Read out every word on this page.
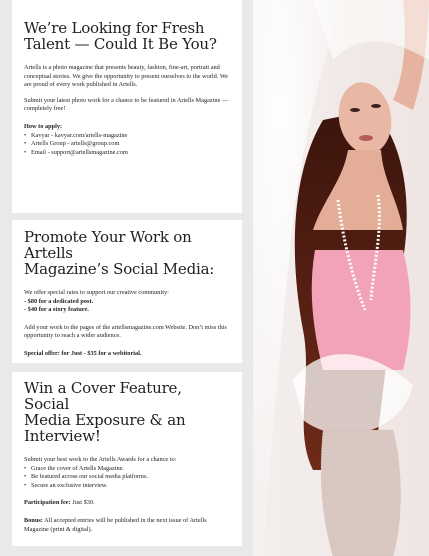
We’re Looking for Fresh
Talent — Could It Be You?

Artells is a photo magazine that presents beauty, fashion, fine-art, portrait and conceptual stories. We give the opportunity to present ourselves to the world. We are proud of every work published in Artells.

Submit your latest photo work for a chance to be featured in Artells Magazine — completely free!

How to apply:

• Kavyar - kavyar.com/artells-magazine
• Artells Group - artells@group.com
• Email - support@artellsmagazine.com
Promote Your Work on Artells
Magazine’s Social Media:

We offer special rates to support our creative community:

- $80 for a dedicated post.

- $40 for a story feature.

Add your work to the pages of the artellsmagazine.com Website. Don’t miss this opportunity to reach a wider audience.

Special offer: for Just - $35 for a webitorial.

Win a Cover Feature, Social
Media Exposure & an Interview!

Submit your best work to the Artells Awards for a chance to:

• Grace the cover of Artells Magazine.
• Be featured across our social media platforms.
• Secure an exclusive interview.

Participation fee: Just $30.

Bonus: All accepted entries will be published in the next issue of Artells Magazine (print & digital).
